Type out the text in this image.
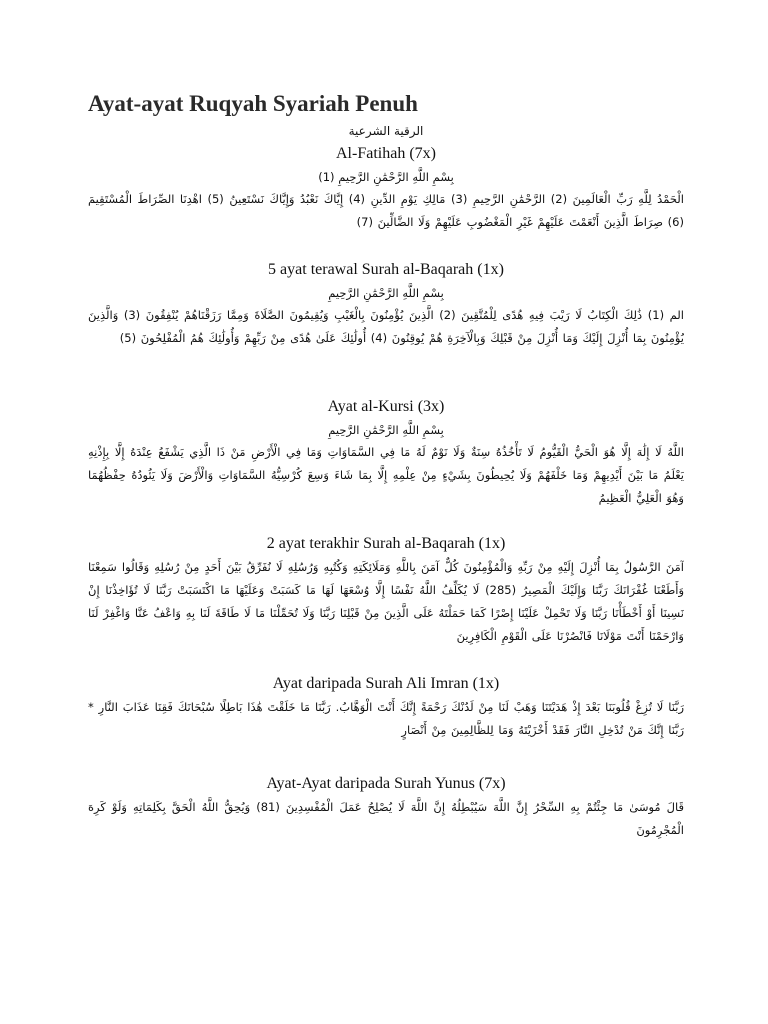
Ayat-ayat Ruqyah Syariah Penuh
الرقية الشرعية
Al-Fatihah (7x)
بِسْمِ اللَّهِ الرَّحْمَٰنِ الرَّحِيمِ (1)
الْحَمْدُ لِلَّهِ رَبِّ الْعَالَمِينَ (2) الرَّحْمَٰنِ الرَّحِيمِ (3) مَالِكِ يَوْمِ الدِّينِ (4) إِيَّاكَ نَعْبُدُ وَإِيَّاكَ نَسْتَعِينُ (5) اهْدِنَا الصِّرَاطَ الْمُسْتَقِيمَ (6) صِرَاطَ الَّذِينَ أَنْعَمْتَ عَلَيْهِمْ غَيْرِ الْمَغْضُوبِ عَلَيْهِمْ وَلَا الضَّالِّينَ (7)
5 ayat terawal Surah al-Baqarah (1x)
بِسْمِ اللَّهِ الرَّحْمَٰنِ الرَّحِيمِ
الم (1) ذَٰلِكَ الْكِتَابُ لَا رَيْبَ فِيهِ هُدًى لِلْمُتَّقِينَ (2) الَّذِينَ يُؤْمِنُونَ بِالْغَيْبِ وَيُقِيمُونَ الصَّلَاةَ وَمِمَّا رَزَقْنَاهُمْ يُنْفِقُونَ (3) وَالَّذِينَ يُؤْمِنُونَ بِمَا أُنْزِلَ إِلَيْكَ وَمَا أُنْزِلَ مِنْ قَبْلِكَ وَبِالْآخِرَةِ هُمْ يُوقِنُونَ (4) أُولَٰئِكَ عَلَىٰ هُدًى مِنْ رَبِّهِمْ وَأُولَٰئِكَ هُمُ الْمُفْلِحُونَ (5)
Ayat al-Kursi (3x)
بِسْمِ اللَّهِ الرَّحْمَٰنِ الرَّحِيمِ
اللَّهُ لَا إِلَٰهَ إِلَّا هُوَ الْحَيُّ الْقَيُّومُ لَا تَأْخُذُهُ سِنَةٌ وَلَا نَوْمٌ لَهُ مَا فِي السَّمَاوَاتِ وَمَا فِي الْأَرْضِ مَنْ ذَا الَّذِي يَشْفَعُ عِنْدَهُ إِلَّا بِإِذْنِهِ يَعْلَمُ مَا بَيْنَ أَيْدِيهِمْ وَمَا خَلْفَهُمْ وَلَا يُحِيطُونَ بِشَيْءٍ مِنْ عِلْمِهِ إِلَّا بِمَا شَاءَ وَسِعَ كُرْسِيُّهُ السَّمَاوَاتِ وَالْأَرْضَ وَلَا يَئُودُهُ حِفْظُهُمَا وَهُوَ الْعَلِيُّ الْعَظِيمُ
2 ayat terakhir Surah al-Baqarah (1x)
آمَنَ الرَّسُولُ بِمَا أُنْزِلَ إِلَيْهِ مِنْ رَبِّهِ وَالْمُؤْمِنُونَ كُلٌّ آمَنَ بِاللَّهِ وَمَلَائِكَتِهِ وَكُتُبِهِ وَرُسُلِهِ لَا نُفَرِّقُ بَيْنَ أَحَدٍ مِنْ رُسُلِهِ وَقَالُوا سَمِعْنَا وَأَطَعْنَا غُفْرَانَكَ رَبَّنَا وَإِلَيْكَ الْمَصِيرُ (285) لَا يُكَلِّفُ اللَّهُ نَفْسًا إِلَّا وُسْعَهَا لَهَا مَا كَسَبَتْ وَعَلَيْهَا مَا اكْتَسَبَتْ رَبَّنَا لَا تُؤَاخِذْنَا إِنْ نَسِينَا أَوْ أَخْطَأْنَا رَبَّنَا وَلَا تَحْمِلْ عَلَيْنَا إِصْرًا كَمَا حَمَلْتَهُ عَلَى الَّذِينَ مِنْ قَبْلِنَا رَبَّنَا وَلَا تُحَمِّلْنَا مَا لَا طَاقَةَ لَنَا بِهِ وَاعْفُ عَنَّا وَاغْفِرْ لَنَا وَارْحَمْنَا أَنْتَ مَوْلَانَا فَانْصُرْنَا عَلَى الْقَوْمِ الْكَافِرِينَ
Ayat daripada Surah Ali Imran (1x)
رَبَّنَا لَا تُزِغْ قُلُوبَنَا بَعْدَ إِذْ هَدَيْتَنَا وَهَبْ لَنَا مِنْ لَدُنْكَ رَحْمَةً إِنَّكَ أَنْتَ الْوَهَّابُ. رَبَّنَا مَا خَلَقْتَ هَٰذَا بَاطِلًا سُبْحَانَكَ فَقِنَا عَذَابَ النَّارِ * رَبَّنَا إِنَّكَ مَنْ تُدْخِلِ النَّارَ فَقَدْ أَخْزَيْتَهُ وَمَا لِلظَّالِمِينَ مِنْ أَنْصَارٍ
Ayat-Ayat daripada Surah Yunus (7x)
قَالَ مُوسَىٰ مَا جِئْتُمْ بِهِ السِّحْرُ إِنَّ اللَّهَ سَيُبْطِلُهُ إِنَّ اللَّهَ لَا يُصْلِحُ عَمَلَ الْمُفْسِدِينَ (81) وَيُحِقُّ اللَّهُ الْحَقَّ بِكَلِمَاتِهِ وَلَوْ كَرِهَ الْمُجْرِمُونَ
